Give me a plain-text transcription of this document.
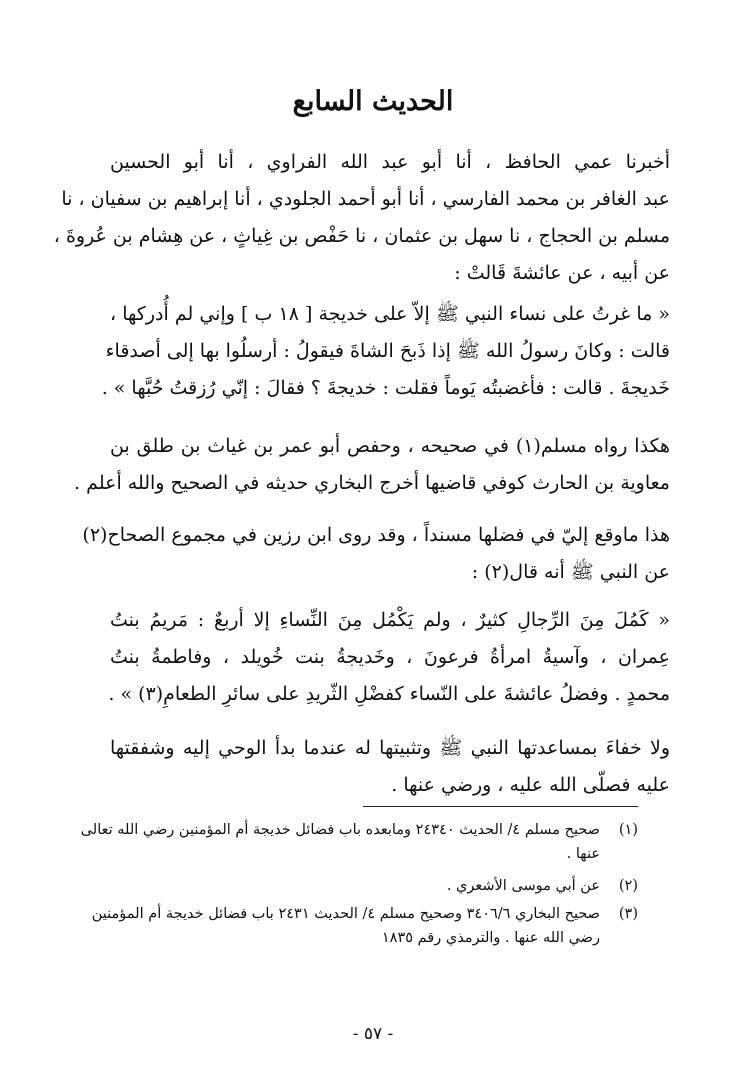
الحديث السابع
أخبرنا عمي الحافظ ، أنا أبو عبد الله الفراوي ، أنا أبو الحسين
عبد الغافر بن محمد الفارسي ، أنا أبو أحمد الجلودي ، أنا إبراهيم بن سفيان ، نا
مسلم بن الحجاج ، نا سهل بن عثمان ، نا حَفْص بن غِياثٍ ، عن هِشام بن عُروةَ ،
عن أبيه ، عن عائشةَ قَالتْ :
« ما غرتُ على نساء النبي ﷺ إلاّ على خديجة [ ١٨ ب ] وإني لم أُدركها ،
قالت : وكانَ رسولُ الله ﷺ إذا ذَبحَ الشاةَ فيقولُ : أرسلُوا بها إلى أصدقاء
خَديجةَ . قالت : فأغضبتُه يَوماً فقلت : خديجةَ ؟ فقالَ : إنّي رُزقتُ حُبَّها » .
هكذا رواه مسلم(١) في صحيحه ، وحفص أبو عمر بن غياث بن طلق بن
معاوية بن الحارث كوفي قاضيها أخرج البخاري حديثه في الصحيح والله أعلم .
هذا ماوقع إليّ في فضلها مسنداً ، وقد روى ابن رزين في مجموع الصحاح(٢)
عن النبي ﷺ أنه قال(٢) :
« كَمُلَ مِنَ الرِّجالِ كثيرٌ ، ولم يَكْمُل مِنَ النِّساءِ إلا أربعٌ : مَريمُ بنتُ
عِمران ، وآسيةُ امرأةُ فرعونَ ، وخَديجةُ بنت خُويلد ، وفاطمةُ بنتُ
محمدٍ . وفضلُ عائشةَ على النّساء كفضْلِ الثّريدِ على سائرِ الطعامِ(٣) » .
ولا خفاءَ بمساعدتها النبي ﷺ وتثبيتها له عندما بدأ الوحي إليه وشفقتها
عليه فصلّى الله عليه ، ورضي عنها .
(١)
صحيح مسلم ٤/ الحديث ٢٤٣٤٠ ومابعده باب فضائل خديجة أم المؤمنين رضي الله تعالى
عنها .
(٢)
عن أبي موسى الأشعري .
(٣)
صحيح البخاري ٣٤٠٦/٦ وصحيح مسلم ٤/ الحديث ٢٤٣١ باب فضائل خديجة أم المؤمنين
رضي الله عنها . والترمذي رقم ١٨٣٥
- ٥٧ -
